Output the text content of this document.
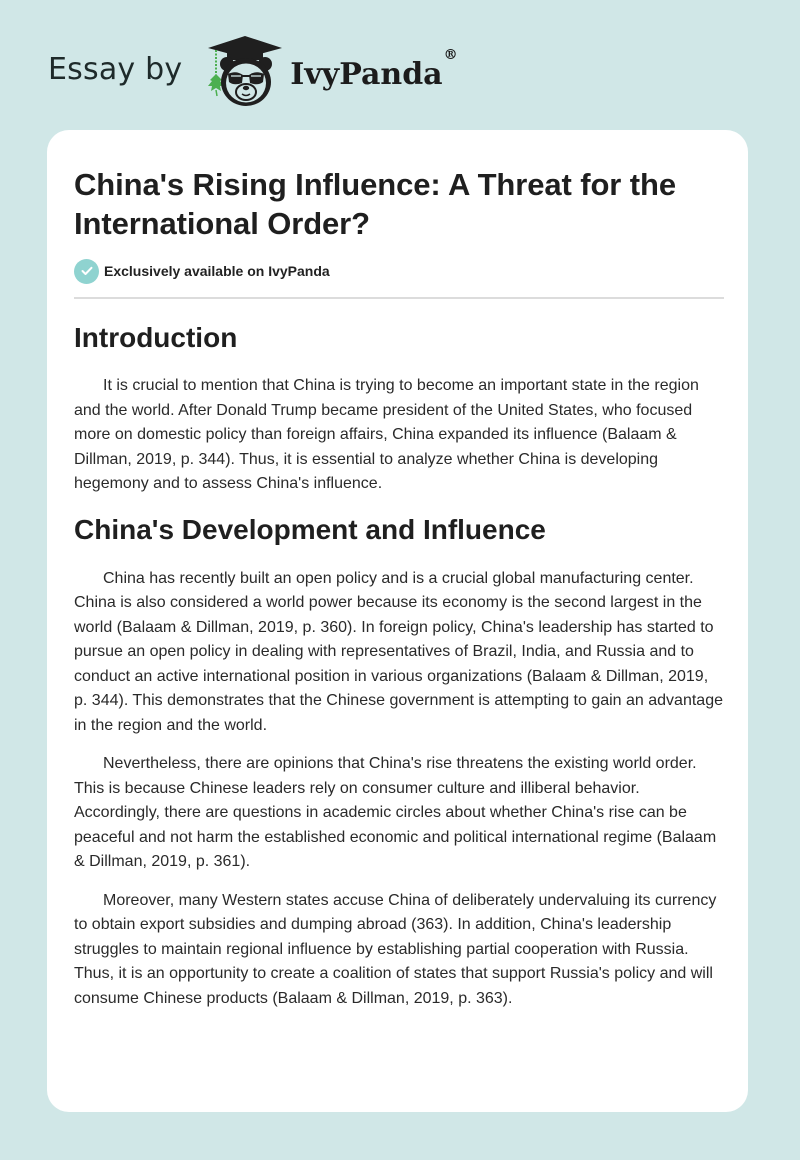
Essay by	IvyPanda®
China's Rising Influence: A Threat for the International Order?
Exclusively available on IvyPanda
Introduction

It is crucial to mention that China is trying to become an important state in the region and the world. After Donald Trump became president of the United States, who focused more on domestic policy than foreign affairs, China expanded its influence (Balaam & Dillman, 2019, p. 344). Thus, it is essential to analyze whether China is developing hegemony and to assess China's influence.

China's Development and Influence

China has recently built an open policy and is a crucial global manufacturing center. China is also considered a world power because its economy is the second largest in the world (Balaam & Dillman, 2019, p. 360). In foreign policy, China's leadership has started to pursue an open policy in dealing with representatives of Brazil, India, and Russia and to conduct an active international position in various organizations (Balaam & Dillman, 2019, p. 344). This demonstrates that the Chinese government is attempting to gain an advantage in the region and the world.

Nevertheless, there are opinions that China's rise threatens the existing world order. This is because Chinese leaders rely on consumer culture and illiberal behavior. Accordingly, there are questions in academic circles about whether China's rise can be peaceful and not harm the established economic and political international regime (Balaam & Dillman, 2019, p. 361).

Moreover, many Western states accuse China of deliberately undervaluing its currency to obtain export subsidies and dumping abroad (363). In addition, China's leadership struggles to maintain regional influence by establishing partial cooperation with Russia. Thus, it is an opportunity to create a coalition of states that support Russia's policy and will consume Chinese products (Balaam & Dillman, 2019, p. 363).
